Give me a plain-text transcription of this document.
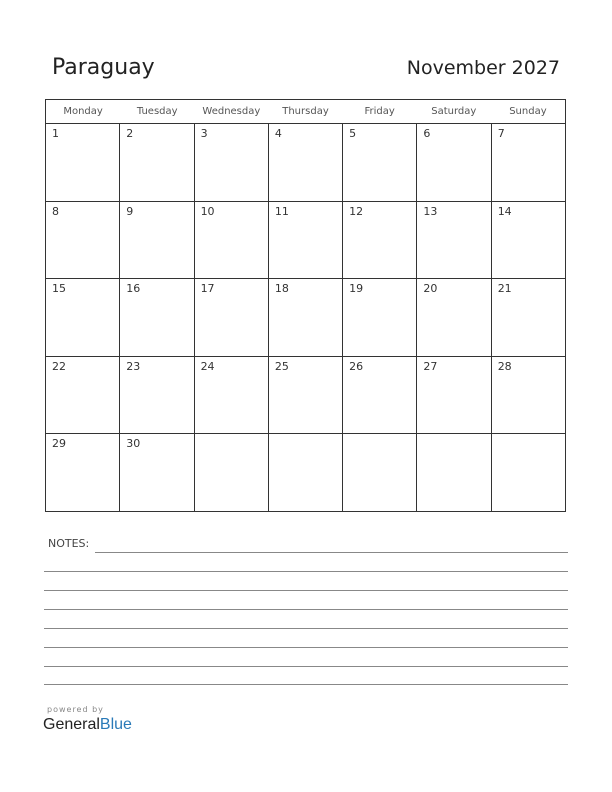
Paraguay	November 2027
Monday	Tuesday	Wednesday	Thursday	Friday	Saturday	Sunday
1	2	3	4	5	6	7
8	9	10	11	12	13	14
15	16	17	18	19	20	21
22	23	24	25	26	27	28
29	30
NOTES:
powered by
GeneralBlue
